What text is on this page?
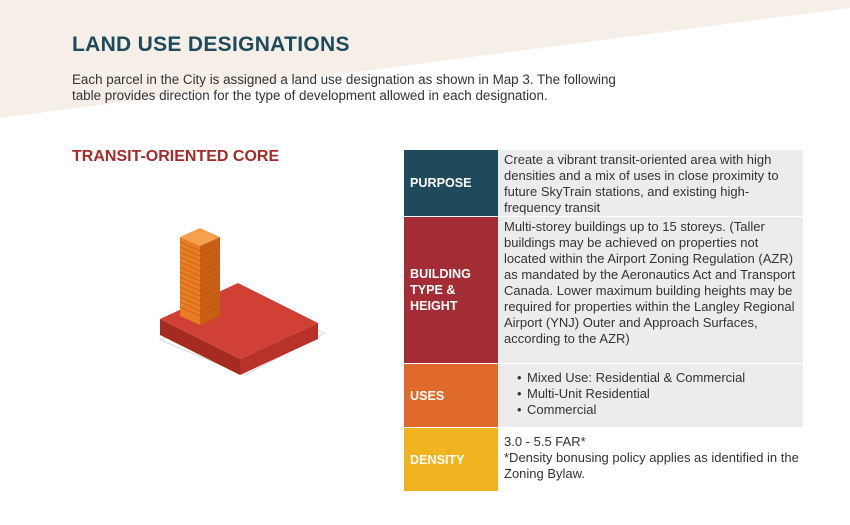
LAND USE DESIGNATIONS

Each parcel in the City is assigned a land use designation as shown in Map 3. The following table provides direction for the type of development allowed in each designation.

TRANSIT-ORIENTED CORE
PURPOSE
Create a vibrant transit-oriented area with high densities and a mix of uses in close proximity to future SkyTrain stations, and existing high-frequency transit
BUILDING TYPE & HEIGHT
Multi-storey buildings up to 15 storeys. (Taller buildings may be achieved on properties not located within the Airport Zoning Regulation (AZR) as mandated by the Aeronautics Act and Transport Canada. Lower maximum building heights may be required for properties within the Langley Regional Airport (YNJ) Outer and Approach Surfaces, according to the AZR)
USES
• Mixed Use: Residential & Commercial
• Multi-Unit Residential
• Commercial
DENSITY
3.0 - 5.5 FAR*
*Density bonusing policy applies as identified in the Zoning Bylaw.
